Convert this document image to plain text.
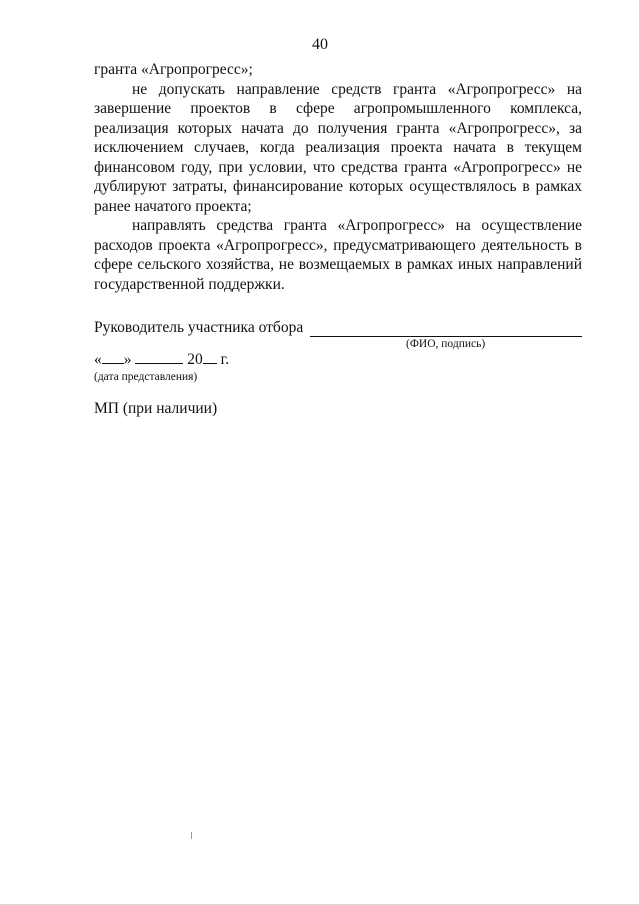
40

гранта «Агропрогресс»;

не допускать направление средств гранта «Агропрогресс» на завершение проектов в сфере агропромышленного комплекса, реализация которых начата до получения гранта «Агропрогресс», за исключением случаев, когда реализация проекта начата в текущем финансовом году, при условии, что средства гранта «Агропрогресс» не дублируют затраты, финансирование которых осуществлялось в рамках ранее начатого проекта;

направлять средства гранта «Агропрогресс» на осуществление расходов проекта «Агропрогресс», предусматривающего деятельность в сфере сельского хозяйства, не возмещаемых в рамках иных направлений государственной поддержки.

Руководитель участника отбора
(ФИО, подпись)
« »	20 г.
(дата представления)
МП (при наличии)
